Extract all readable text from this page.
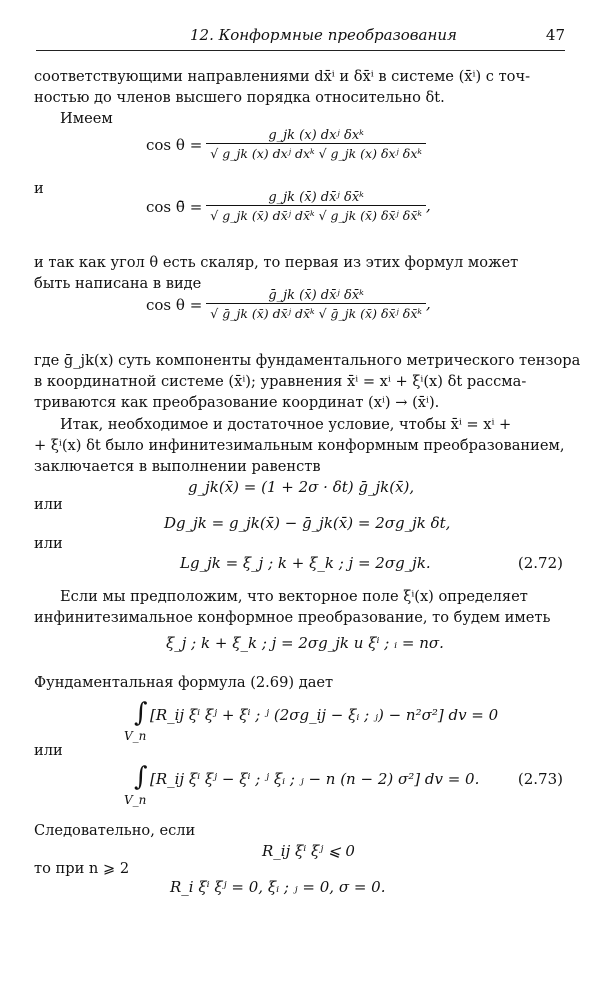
12. Конформные преобразования	47
соответствующими направлениями dx̄ⁱ и δx̄ⁱ в системе (x̄ⁱ) с точ-
ностью до членов высшего порядка относительно δt.
Имеем
$\cos \theta = \frac{\text{g\_jk (x) dxʲ δxᵏ}}{\text{√ g\_jk (x) dxʲ dxᵏ √ g\_jk (x) δxʲ δxᵏ}}$
и
cos θ̄ = $\frac{\text{g\_jk (x̄) dx̄ʲ δx̄ᵏ}}{\text{√ g\_jk (x̄) dx̄ʲ dx̄ᵏ √ g\_jk (x̄) δx̄ʲ δx̄ᵏ}}$ ,
и так как угол θ есть скаляр, то первая из этих формул может
быть написана в виде
$\cos \theta = \frac{\text{ḡ\_jk (x̄) dx̄ʲ δx̄ᵏ}}{\text{√ ḡ\_jk (x̄) dx̄ʲ dx̄ᵏ √ ḡ\_jk (x̄) δx̄ʲ δx̄ᵏ}}$ ,
где ḡ_jk(x) суть компоненты фундаментального метрического тензора
в координатной системе (x̄ⁱ); уравнения x̄ⁱ = xⁱ + ξⁱ(x) δt рассма-
триваются как преобразование координат (xⁱ) → (x̄ⁱ).
Итак, необходимое и достаточное условие, чтобы x̄ⁱ = xⁱ +
+ ξⁱ(x) δt было инфинитезимальным конформным преобразованием,
заключается в выполнении равенств
g_jk(x̄) = (1 + 2σ · δt) ḡ_jk(x̄),
или
Dg_jk = g_jk(x̄) − ḡ_jk(x̄) = 2σg_jk δt,
или
Lg_jk = ξ_j ; k + ξ_k ; j = 2σg_jk.	(2.72)
Если мы предположим, что векторное поле ξⁱ(x) определяет
инфинитезимальное конформное преобразование, то будем иметь
ξ_j ; k + ξ_k ; j = 2σg_jk и ξⁱ ; ᵢ = nσ.
Фундаментальная формула (2.69) дает
∫
V_n
[R_ij ξⁱ ξʲ + ξⁱ ; ʲ (2σg_ij − ξᵢ ; ⱼ) − n²σ²] dv = 0
или
∫
V_n
[R_ij ξⁱ ξʲ − ξⁱ ; ʲ ξᵢ ; ⱼ − n (n − 2) σ²] dv = 0.	(2.73)
Следовательно, если
R_ij ξⁱ ξʲ ⩽ 0
то при n ⩾ 2
R_i ξⁱ ξʲ = 0, ξᵢ ; ⱼ = 0, σ = 0.
